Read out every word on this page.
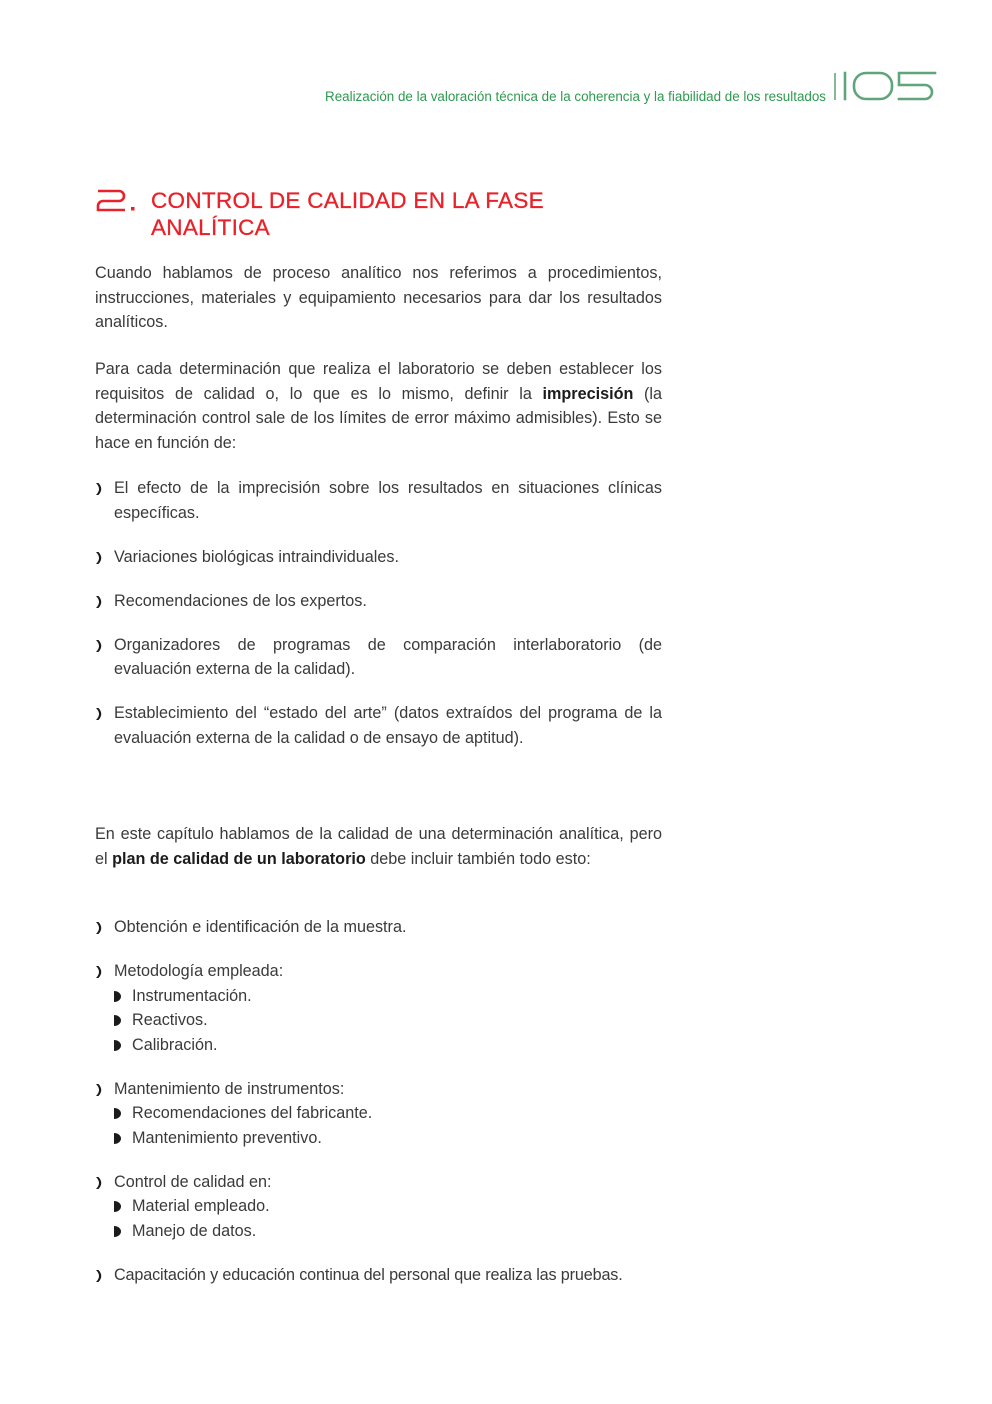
Realización de la valoración técnica de la coherencia y la fiabilidad de los resultados
CONTROL DE CALIDAD EN LA FASE
ANALÍTICA

Cuando hablamos de proceso analítico nos referimos a procedimientos, instrucciones, materiales y equipamiento necesarios para dar los resultados analíticos.

Para cada determinación que realiza el laboratorio se deben establecer los requisitos de calidad o, lo que es lo mismo, definir la imprecisión (la determinación control sale de los límites de error máximo admisibles). Esto se hace en función de:

El efecto de la imprecisión sobre los resultados en situaciones clínicas específicas.
Variaciones biológicas intraindividuales.
Recomendaciones de los expertos.
Organizadores de programas de comparación interlaboratorio (de evaluación externa de la calidad).
Establecimiento del “estado del arte” (datos extraídos del programa de la evaluación externa de la calidad o de ensayo de aptitud).

En este capítulo hablamos de la calidad de una determinación analítica, pero el plan de calidad de un laboratorio debe incluir también todo esto:

Obtención e identificación de la muestra.
Metodología empleada:
Instrumentación.
Reactivos.
Calibración.
Mantenimiento de instrumentos:
Recomendaciones del fabricante.
Mantenimiento preventivo.
Control de calidad en:
Material empleado.
Manejo de datos.
Capacitación y educación continua del personal que realiza las pruebas.
